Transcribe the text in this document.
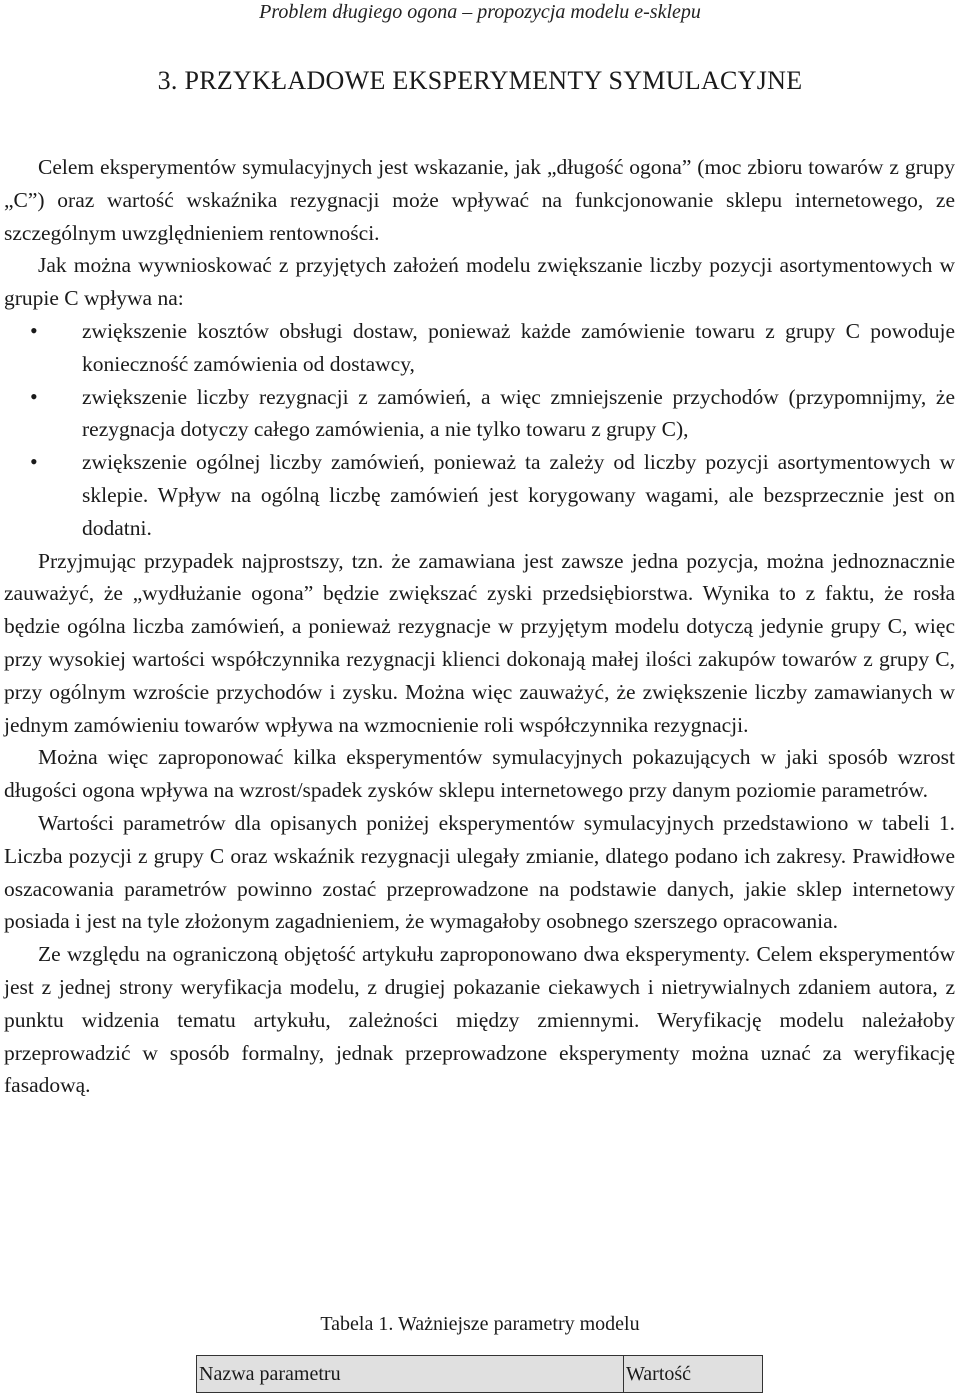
Problem długiego ogona – propozycja modelu e-sklepu
3. PRZYKŁADOWE EKSPERYMENTY SYMULACYJNE

Celem eksperymentów symulacyjnych jest wskazanie, jak „długość ogona” (moc zbioru towarów z grupy „C”) oraz wartość wskaźnika rezygnacji może wpływać na funkcjonowanie sklepu internetowego, ze szczególnym uwzględnieniem rentowności.

Jak można wywnioskować z przyjętych założeń modelu zwiększanie liczby pozycji asortymentowych w grupie C wpływa na:

• zwiększenie kosztów obsługi dostaw, ponieważ każde zamówienie towaru z grupy C powoduje konieczność zamówienia od dostawcy,
• zwiększenie liczby rezygnacji z zamówień, a więc zmniejszenie przychodów (przypomnijmy, że rezygnacja dotyczy całego zamówienia, a nie tylko towaru z grupy C),
• zwiększenie ogólnej liczby zamówień, ponieważ ta zależy od liczby pozycji asortymentowych w sklepie. Wpływ na ogólną liczbę zamówień jest korygowany wagami, ale bezsprzecznie jest on dodatni.

Przyjmując przypadek najprostszy, tzn. że zamawiana jest zawsze jedna pozycja, można jednoznacznie zauważyć, że „wydłużanie ogona” będzie zwiększać zyski przedsiębiorstwa. Wynika to z faktu, że rosła będzie ogólna liczba zamówień, a ponieważ rezygnacje w przyjętym modelu dotyczą jedynie grupy C, więc przy wysokiej wartości współczynnika rezygnacji klienci dokonają małej ilości zakupów towarów z grupy C, przy ogólnym wzroście przychodów i zysku. Można więc zauważyć, że zwiększenie liczby zamawianych w jednym zamówieniu towarów wpływa na wzmocnienie roli współczynnika rezygnacji.

Można więc zaproponować kilka eksperymentów symulacyjnych pokazujących w jaki sposób wzrost długości ogona wpływa na wzrost/spadek zysków sklepu internetowego przy danym poziomie parametrów.

Wartości parametrów dla opisanych poniżej eksperymentów symulacyjnych przedstawiono w tabeli 1. Liczba pozycji z grupy C oraz wskaźnik rezygnacji ulegały zmianie, dlatego podano ich zakresy. Prawidłowe oszacowania parametrów powinno zostać przeprowadzone na podstawie danych, jakie sklep internetowy posiada i jest na tyle złożonym zagadnieniem, że wymagałoby osobnego szerszego opracowania.

Ze względu na ograniczoną objętość artykułu zaproponowano dwa eksperymenty. Celem eksperymentów jest z jednej strony weryfikacja modelu, z drugiej pokazanie ciekawych i nietrywialnych zdaniem autora, z punktu widzenia tematu artykułu, zależności między zmiennymi. Weryfikację modelu należałoby przeprowadzić w sposób formalny, jednak przeprowadzone eksperymenty można uznać za weryfikację fasadową.

Tabela 1. Ważniejsze parametry modelu
Nazwa parametru	Wartość
